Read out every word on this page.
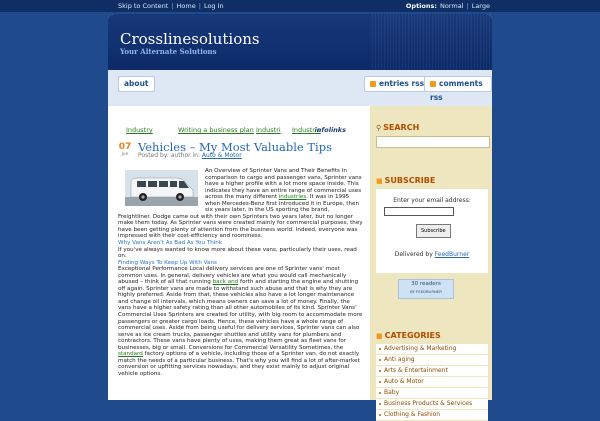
Skip to Content | Home | Log In	Options: Normal | Large
Crosslinesolutions
Your Alternate Solutions
about	entries rss	comments rss
Industry	Writing a business plan Industri Industrie
infolinks
07
Jun
Vehicles – My Most Valuable Tips
Posted by: author in: Auto & Motor

An Overview of Sprinter Vans and Their Benefits In comparison to cargo and passenger vans, Sprinter vans have a higher profile with a lot more space inside. This indicates they have an entire range of commercial uses across the many different industries. It was in 1995 when Mercedes-Benz first introduced it in Europe, then six years later, in the US sporting the brand, Freightliner. Dodge came out with their own Sprinters two years later, but no longer make them today. As Sprinter vans were created mainly for commercial purposes, they have been getting plenty of attention from the business world. Indeed, everyone was impressed with their cost-efficiency and roominess.

Why Vans Aren't As Bad As You Think

If you've always wanted to know more about these vans, particularly their uses, read on.

Finding Ways To Keep Up With Vans

Exceptional Performance Local delivery services are one of Sprinter vans' most common uses. In general, delivery vehicles are what you would call mechanically abused – think of all that running back and forth and starting the engine and shutting off again. Sprinter vans are made to withstand such abuse and that is why they are highly preferred. Aside from that, these vehicles also have a lot longer maintenance and change oil intervals, which means owners can save a lot of money. Finally, the vans have a higher safety rating than all other automobiles of its kind. Sprinter Vans' Commercial Uses Sprinters are created for utility, with big room to accommodate more passengers or greater cargo loads. Hence, these vehicles have a whole range of commercial uses. Aside from being useful for delivery services, Sprinter vans can also serve as ice cream trucks, passenger shuttles and utility vans for plumbers and contractors. These vans have plenty of uses, making them great as fleet vans for businesses, big or small. Conversions for Commercial Versatility Sometimes, the standard factory options of a vehicle, including those of a Sprinter van, do not exactly match the needs of a particular business. That's why you will find a lot of after-market conversion or upfitting services nowadays, and they exist mainly to adjust original vehicle options.

⚲ SEARCH
■ SUBSCRIBE
Enter your email address:
Subscribe
Delivered by FeedBurner
■ CATEGORIES
Advertising & Marketing
Anti aging
Arts & Entertainment
Auto & Motor
Baby
Business Products & Services
Clothing & Fashion
30 readers
BY FEEDBURNER
